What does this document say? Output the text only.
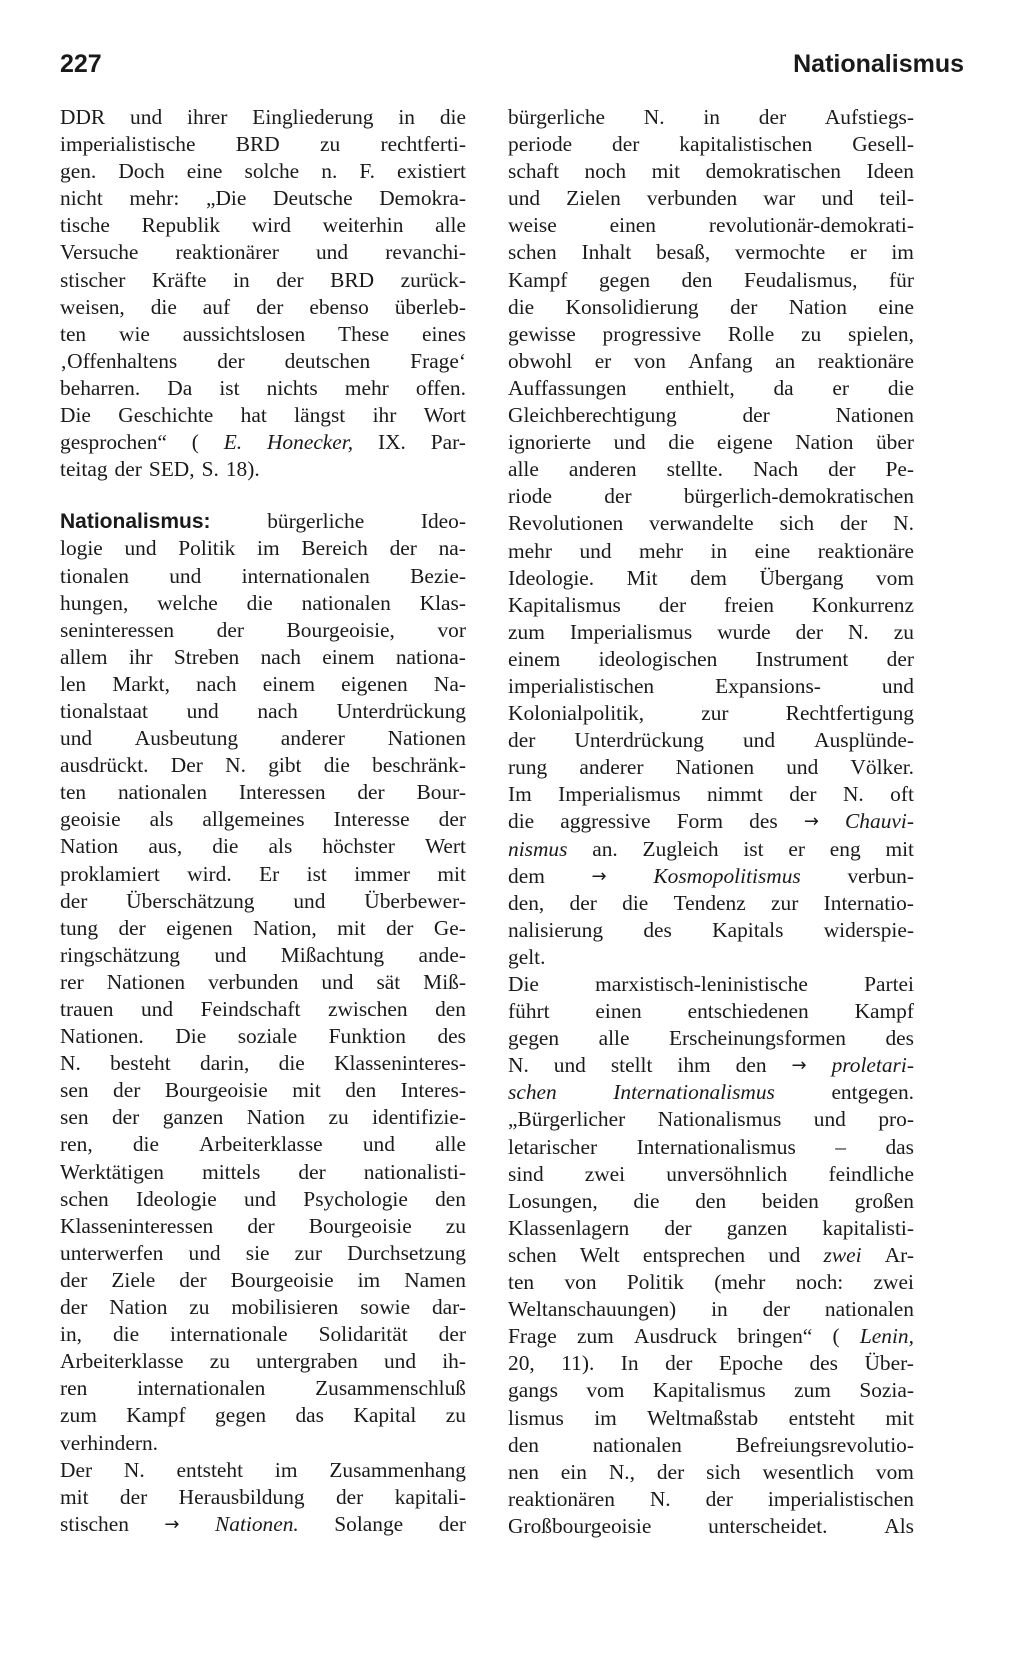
227	Nationalismus
DDR und ihrer Eingliederung in die
imperialistische BRD zu rechtferti-
gen. Doch eine solche n. F. existiert
nicht mehr: „Die Deutsche Demokra-
tische Republik wird weiterhin alle
Versuche reaktionärer und revanchi-
stischer Kräfte in der BRD zurück-
weisen, die auf der ebenso überleb-
ten wie aussichtslosen These eines
‚Offenhaltens der deutschen Frage‘
beharren. Da ist nichts mehr offen.
Die Geschichte hat längst ihr Wort
gesprochen“ ( E. Honecker, IX. Par-
teitag der SED, S. 18).
Nationalismus:	bürgerliche	Ideo-
logie und Politik im Bereich der na-
tionalen und internationalen Bezie-
hungen, welche die nationalen Klas-
seninteressen der Bourgeoisie, vor
allem ihr Streben nach einem nationa-
len Markt, nach einem eigenen Na-
tionalstaat und nach Unterdrückung
und Ausbeutung anderer Nationen
ausdrückt. Der N. gibt die beschränk-
ten nationalen Interessen der Bour-
geoisie als allgemeines Interesse der
Nation aus, die als höchster Wert
proklamiert wird. Er ist immer mit
der Überschätzung und Überbewer-
tung der eigenen Nation, mit der Ge-
ringschätzung und Mißachtung ande-
rer Nationen verbunden und sät Miß-
trauen und Feindschaft zwischen den
Nationen. Die soziale Funktion des
N. besteht darin, die Klasseninteres-
sen der Bourgeoisie mit den Interes-
sen der ganzen Nation zu identifizie-
ren, die Arbeiterklasse und alle
Werktätigen mittels der nationalisti-
schen Ideologie und Psychologie den
Klasseninteressen der Bourgeoisie zu
unterwerfen und sie zur Durchsetzung
der Ziele der Bourgeoisie im Namen
der Nation zu mobilisieren sowie dar-
in, die internationale Solidarität der
Arbeiterklasse zu untergraben und ih-
ren internationalen Zusammenschluß
zum Kampf gegen das Kapital zu
verhindern.
Der N. entsteht im Zusammenhang
mit der Herausbildung der kapitali-
stischen → Nationen. Solange der
bürgerliche N. in der Aufstiegs-
periode der kapitalistischen Gesell-
schaft noch mit demokratischen Ideen
und Zielen verbunden war und teil-
weise einen revolutionär-demokrati-
schen Inhalt besaß, vermochte er im
Kampf gegen den Feudalismus, für
die Konsolidierung der Nation eine
gewisse progressive Rolle zu spielen,
obwohl er von Anfang an reaktionäre
Auffassungen enthielt, da er die
Gleichberechtigung	der	Nationen
ignorierte und die eigene Nation über
alle anderen stellte. Nach der Pe-
riode der bürgerlich-demokratischen
Revolutionen verwandelte sich der N.
mehr und mehr in eine reaktionäre
Ideologie. Mit dem Übergang vom
Kapitalismus der freien Konkurrenz
zum Imperialismus wurde der N. zu
einem ideologischen Instrument der
imperialistischen	Expansions-	und
Kolonialpolitik,	zur	Rechtfertigung
der Unterdrückung und Ausplünde-
rung anderer Nationen und Völker.
Im Imperialismus nimmt der N. oft
die aggressive Form des → Chauvi-
nismus an. Zugleich ist er eng mit
dem	→ Kosmopolitismus verbun-
den, der die Tendenz zur Internatio-
nalisierung des Kapitals widerspie-
gelt.
Die	marxistisch-leninistische	Partei
führt einen entschiedenen Kampf
gegen alle Erscheinungsformen des
N. und stellt ihm den → proletari-
schen	Internationalismus	entgegen.
„Bürgerlicher Nationalismus und pro-
letarischer Internationalismus – das
sind zwei unversöhnlich feindliche
Losungen, die den beiden großen
Klassenlagern der ganzen kapitalisti-
schen Welt entsprechen und zwei Ar-
ten von Politik (mehr noch: zwei
Weltanschauungen) in der nationalen
Frage zum Ausdruck bringen“ ( Lenin,
20, 11). In der Epoche des Über-
gangs vom Kapitalismus zum Sozia-
lismus im Weltmaßstab entsteht mit
den	nationalen	Befreiungsrevolutio-
nen ein N., der sich wesentlich vom
reaktionären N. der imperialistischen
Großbourgeoisie	unterscheidet.	Als
